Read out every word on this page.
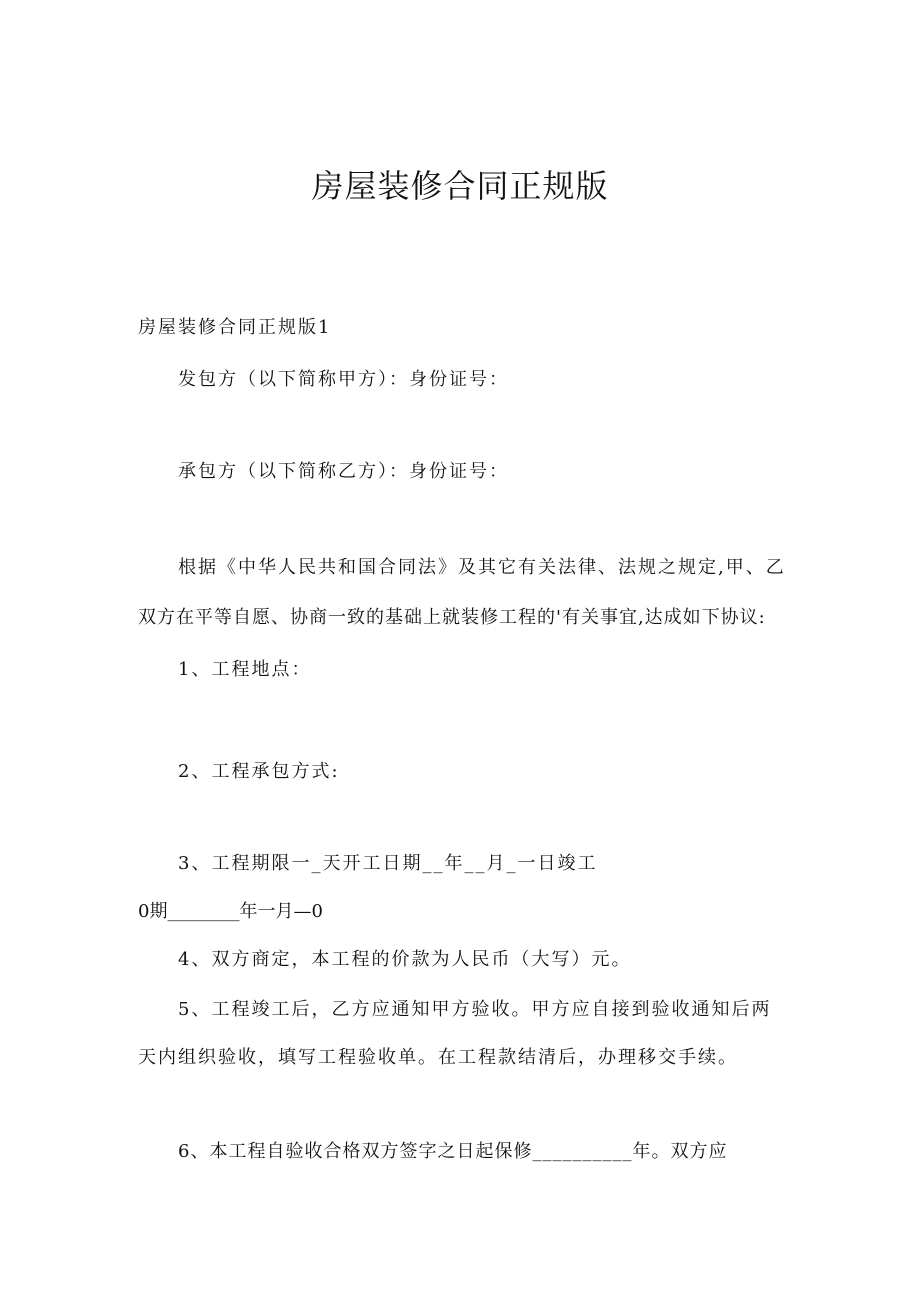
房屋装修合同正规版
房屋装修合同正规版1
发包方（以下简称甲方）：身份证号：
承包方（以下简称乙方）：身份证号：
根据《中华人民共和国合同法》及其它有关法律、法规之规定,甲、乙
双方在平等自愿、协商一致的基础上就装修工程的'有关事宜,达成如下协议:
1、工程地点：
2、工程承包方式:
3、工程期限一_天开工日期__年__月_一日竣工
0期________年一月—0
4、双方商定，本工程的价款为人民币（大写）元。
5、工程竣工后，乙方应通知甲方验收。甲方应自接到验收通知后两
天内组织验收，填写工程验收单。在工程款结清后，办理移交手续。
6、本工程自验收合格双方签字之日起保修__________年。双方应
